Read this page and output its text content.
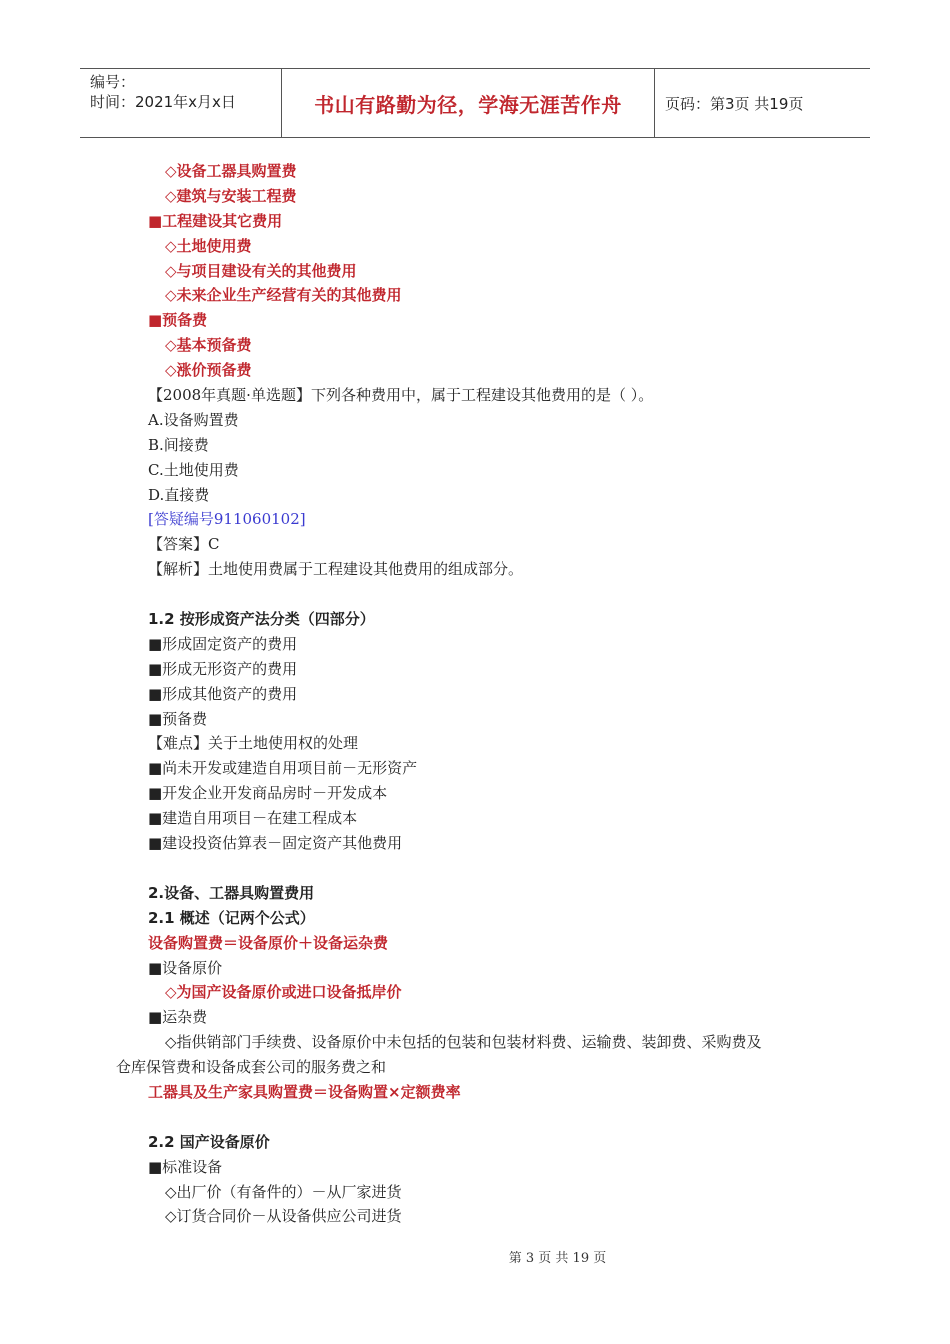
编号：
时间：2021年x月x日	书山有路勤为径，学海无涯苦作舟	页码：第3页 共19页
◇设备工器具购置费
◇建筑与安装工程费
■工程建设其它费用
◇土地使用费
◇与项目建设有关的其他费用
◇未来企业生产经营有关的其他费用
■预备费
◇基本预备费
◇涨价预备费
【2008年真题·单选题】下列各种费用中，属于工程建设其他费用的是（ ）。
A.设备购置费
B.间接费
C.土地使用费
D.直接费
[答疑编号911060102]
【答案】C
【解析】土地使用费属于工程建设其他费用的组成部分。
1.2 按形成资产法分类（四部分）
■形成固定资产的费用
■形成无形资产的费用
■形成其他资产的费用
■预备费
【难点】关于土地使用权的处理
■尚未开发或建造自用项目前－无形资产
■开发企业开发商品房时－开发成本
■建造自用项目－在建工程成本
■建设投资估算表－固定资产其他费用
2.设备、工器具购置费用
2.1 概述（记两个公式）
设备购置费＝设备原价＋设备运杂费
■设备原价
◇为国产设备原价或进口设备抵岸价
■运杂费
◇指供销部门手续费、设备原价中未包括的包装和包装材料费、运输费、装卸费、采购费及
仓库保管费和设备成套公司的服务费之和
工器具及生产家具购置费＝设备购置×定额费率
2.2 国产设备原价
■标准设备
◇出厂价（有备件的）－从厂家进货
◇订货合同价－从设备供应公司进货
第 3 页 共 19 页
